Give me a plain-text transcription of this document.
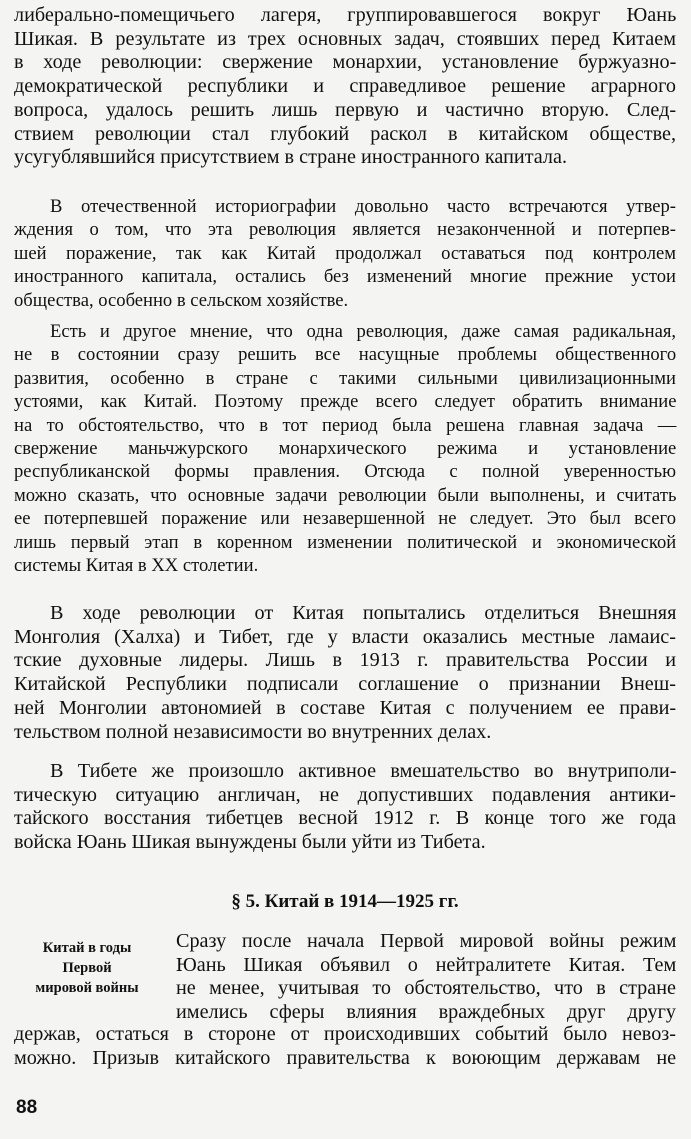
либерально-помещичьего лагеря, группировавшегося вокруг Юань
Шикая. В результате из трех основных задач, стоявших перед Китаем
в ходе революции: свержение монархии, установление буржуазно-
демократической республики и справедливое решение аграрного
вопроса, удалось решить лишь первую и частично вторую. След-
ствием революции стал глубокий раскол в китайском обществе,
усугублявшийся присутствием в стране иностранного капитала.

В отечественной историографии довольно часто встречаются утвер-
ждения о том, что эта революция является незаконченной и потерпев-
шей поражение, так как Китай продолжал оставаться под контролем
иностранного капитала, остались без изменений многие прежние устои
общества, особенно в сельском хозяйстве.

Есть и другое мнение, что одна революция, даже самая радикальная,
не в состоянии сразу решить все насущные проблемы общественного
развития, особенно в стране с такими сильными цивилизационными
устоями, как Китай. Поэтому прежде всего следует обратить внимание
на то обстоятельство, что в тот период была решена главная задача —
свержение маньчжурского монархического режима и установление
республиканской формы правления. Отсюда с полной уверенностью
можно сказать, что основные задачи революции были выполнены, и считать
ее потерпевшей поражение или незавершенной не следует. Это был всего
лишь первый этап в коренном изменении политической и экономической
системы Китая в XX столетии.

В ходе революции от Китая попытались отделиться Внешняя
Монголия (Халха) и Тибет, где у власти оказались местные ламаис-
тские духовные лидеры. Лишь в 1913 г. правительства России и
Китайской Республики подписали соглашение о признании Внеш-
ней Монголии автономией в составе Китая с получением ее прави-
тельством полной независимости во внутренних делах.

В Тибете же произошло активное вмешательство во внутриполи-
тическую ситуацию англичан, не допустивших подавления антики-
тайского восстания тибетцев весной 1912 г. В конце того же года
войска Юань Шикая вынуждены были уйти из Тибета.

§ 5. Китай в 1914—1925 гг.
Китай в годы
Первой
мировой войны

Сразу после начала Первой мировой войны режим
Юань Шикая объявил о нейтралитете Китая. Тем
не менее, учитывая то обстоятельство, что в стране
имелись сферы влияния враждебных друг другу

держав, остаться в стороне от происходивших событий было невоз-
можно. Призыв китайского правительства к воюющим державам не

88
